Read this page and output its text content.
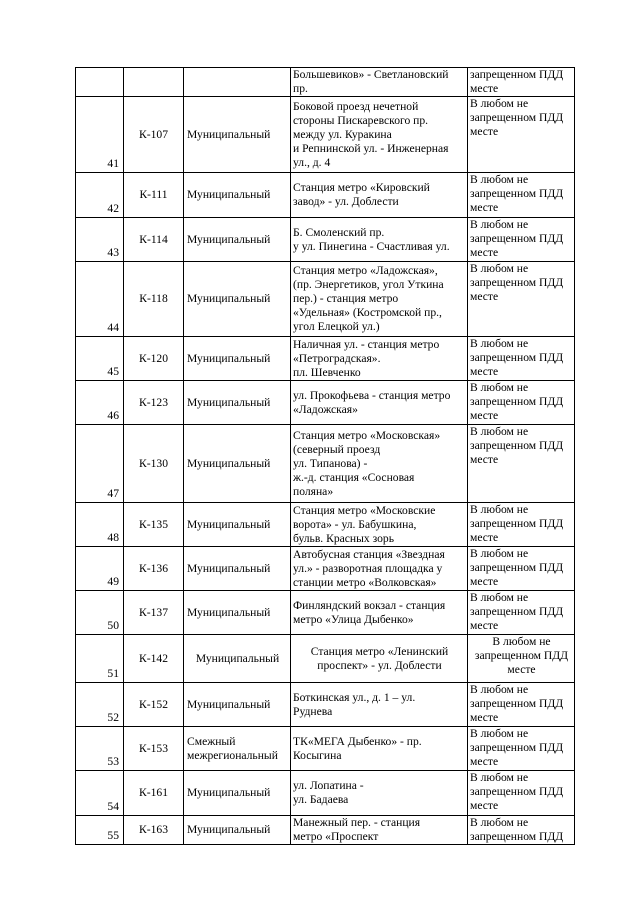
			Большевиков» - Светлановский
пр.	запрещенном ПДД
месте
41	К-107	Муниципальный	Боковой проезд нечетной
стороны Пискаревского пр.
между ул. Куракина
и Репнинской ул. - Инженерная
ул., д. 4	В любом не
запрещенном ПДД
месте
42	К-111	Муниципальный	Станция метро «Кировский
завод» - ул. Доблести	В любом не
запрещенном ПДД
месте
43	К-114	Муниципальный	Б. Смоленский пр.
у ул. Пинегина - Счастливая ул.	В любом не
запрещенном ПДД
месте
44	К-118	Муниципальный	Станция метро «Ладожская»,
(пр. Энергетиков, угол Уткина
пер.) - станция метро
«Удельная» (Костромской пр.,
угол Елецкой ул.)	В любом не
запрещенном ПДД
месте
45	К-120	Муниципальный	Наличная ул. - станция метро
«Петроградская».
пл. Шевченко	В любом не
запрещенном ПДД
месте
46	К-123	Муниципальный	ул. Прокофьева - станция метро
«Ладожская»	В любом не
запрещенном ПДД
месте
47	К-130	Муниципальный	Станция метро «Московская»
(северный проезд
ул. Типанова) -
ж.-д. станция «Сосновая
поляна»	В любом не
запрещенном ПДД
месте
48	К-135	Муниципальный	Станция метро «Московские
ворота» - ул. Бабушкина,
бульв. Красных зорь	В любом не
запрещенном ПДД
месте
49	К-136	Муниципальный	Автобусная станция «Звездная
ул.» - разворотная площадка у
станции метро «Волковская»	В любом не
запрещенном ПДД
месте
50	К-137	Муниципальный	Финляндский вокзал - станция
метро «Улица Дыбенко»	В любом не
запрещенном ПДД
месте
51	К-142	Муниципальный	Станция метро «Ленинский
проспект» - ул. Доблести	В любом не
запрещенном ПДД
месте
52	К-152	Муниципальный	Боткинская ул., д. 1 – ул.
Руднева	В любом не
запрещенном ПДД
месте
53	К-153	Смежный
межрегиональный	ТК«МЕГА Дыбенко» - пр.
Косыгина	В любом не
запрещенном ПДД
месте
54	К-161	Муниципальный	ул. Лопатина -
ул. Бадаева	В любом не
запрещенном ПДД
месте
55	К-163	Муниципальный	Манежный пер. - станция
метро «Проспект	В любом не
запрещенном ПДД
